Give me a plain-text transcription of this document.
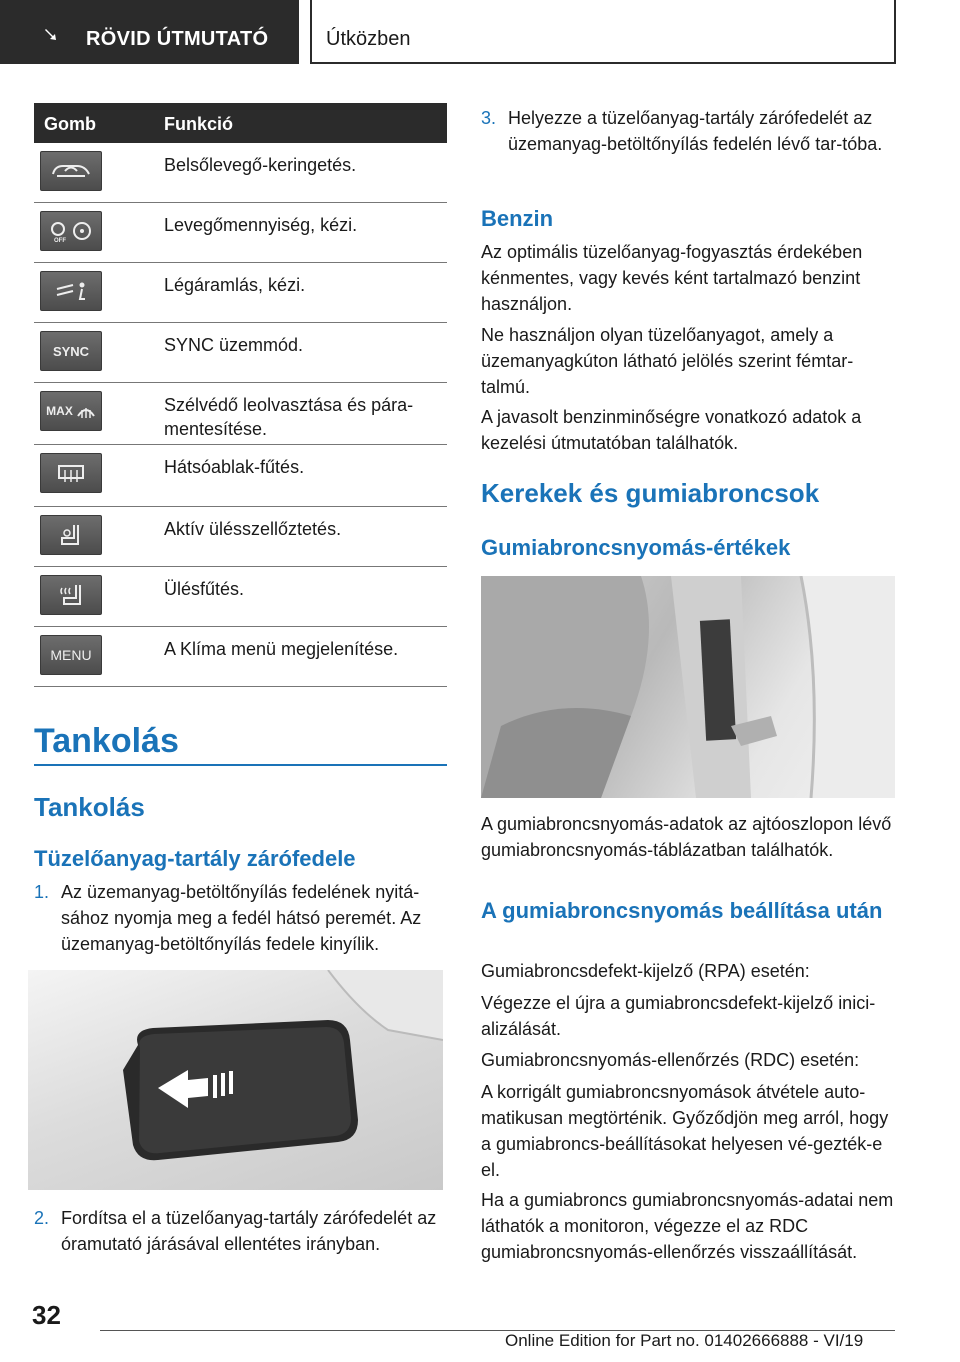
RÖVID ÚTMUTATÓ	Útközben
Gomb	Funkció
Belsőlevegő-keringetés.
OFF
Levegőmennyiség, kézi.
Légáramlás, kézi.
SYNC	SYNC üzemmód.
MAX	Szélvédő leolvasztása és pára-mentesítése.
Hátsóablak-fűtés.
Aktív ülésszellőztetés.
Ülésfűtés.
MENU	A Klíma menü megjelenítése.
Tankolás
Tankolás
Tüzelőanyag-tartály zárófedele
1. Az üzemanyag-betöltőnyílás fedelének nyitá-sához nyomja meg a fedél hátsó peremét. Az üzemanyag-betöltőnyílás fedele kinyílik.
2. Fordítsa el a tüzelőanyag-tartály zárófedelét az óramutató járásával ellentétes irányban.
3. Helyezze a tüzelőanyag-tartály zárófedelét az üzemanyag-betöltőnyílás fedelén lévő tar-tóba.
Benzin
Az optimális tüzelőanyag-fogyasztás érdekében kénmentes, vagy kevés ként tartalmazó benzint használjon.
Ne használjon olyan tüzelőanyagot, amely a üzemanyagkúton látható jelölés szerint fémtar-talmú.
A javasolt benzinminőségre vonatkozó adatok a kezelési útmutatóban találhatók.
Kerekek és gumiabroncsok
Gumiabroncsnyomás-értékek
A gumiabroncsnyomás-adatok az ajtóoszlopon lévő gumiabroncsnyomás-táblázatban találhatók.
A gumiabroncsnyomás beállítása után
Gumiabroncsdefekt-kijelző (RPA) esetén:
Végezze el újra a gumiabroncsdefekt-kijelző inici-alizálását.
Gumiabroncsnyomás-ellenőrzés (RDC) esetén:
A korrigált gumiabroncsnyomások átvétele auto-matikusan megtörténik. Győződjön meg arról, hogy a gumiabroncs-beállításokat helyesen vé-gezték-e el.
Ha a gumiabroncs gumiabroncsnyomás-adatai nem láthatók a monitoron, végezze el az RDC gumiabroncsnyomás-ellenőrzés visszaállítását.
32
Online Edition for Part no. 01402666888 - VI/19
